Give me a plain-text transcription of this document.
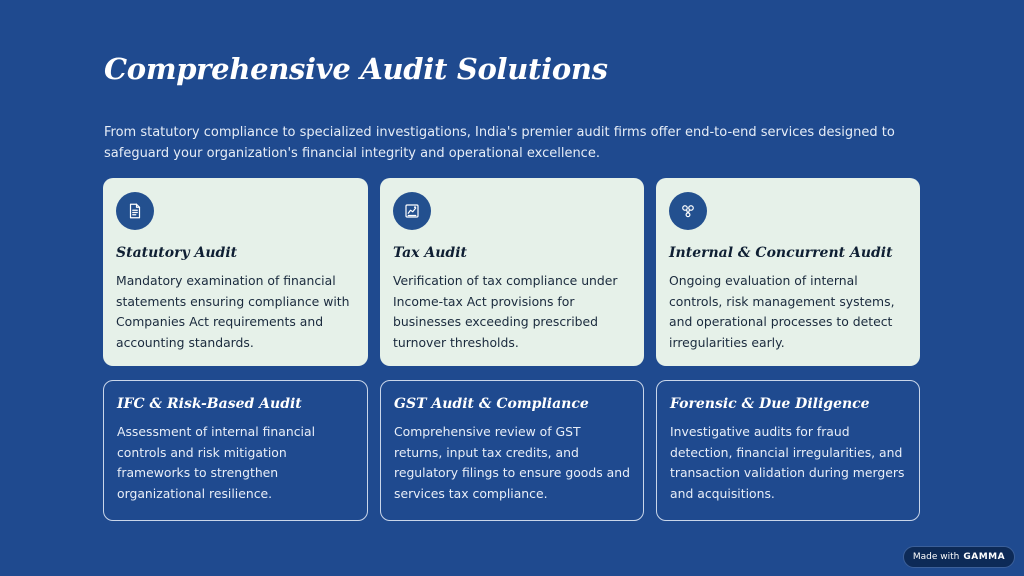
Comprehensive Audit Solutions

From statutory compliance to specialized investigations, India's premier audit firms offer end-to-end services designed to safeguard your organization's financial integrity and operational excellence.

Statutory Audit

Mandatory examination of financial statements ensuring compliance with Companies Act requirements and accounting standards.

Tax Audit

Verification of tax compliance under Income-tax Act provisions for businesses exceeding prescribed turnover thresholds.

Internal & Concurrent Audit

Ongoing evaluation of internal controls, risk management systems, and operational processes to detect irregularities early.

IFC & Risk-Based Audit

Assessment of internal financial controls and risk mitigation frameworks to strengthen organizational resilience.

GST Audit & Compliance

Comprehensive review of GST returns, input tax credits, and regulatory filings to ensure goods and services tax compliance.

Forensic & Due Diligence

Investigative audits for fraud detection, financial irregularities, and transaction validation during mergers and acquisitions.

Made with GAMMA
